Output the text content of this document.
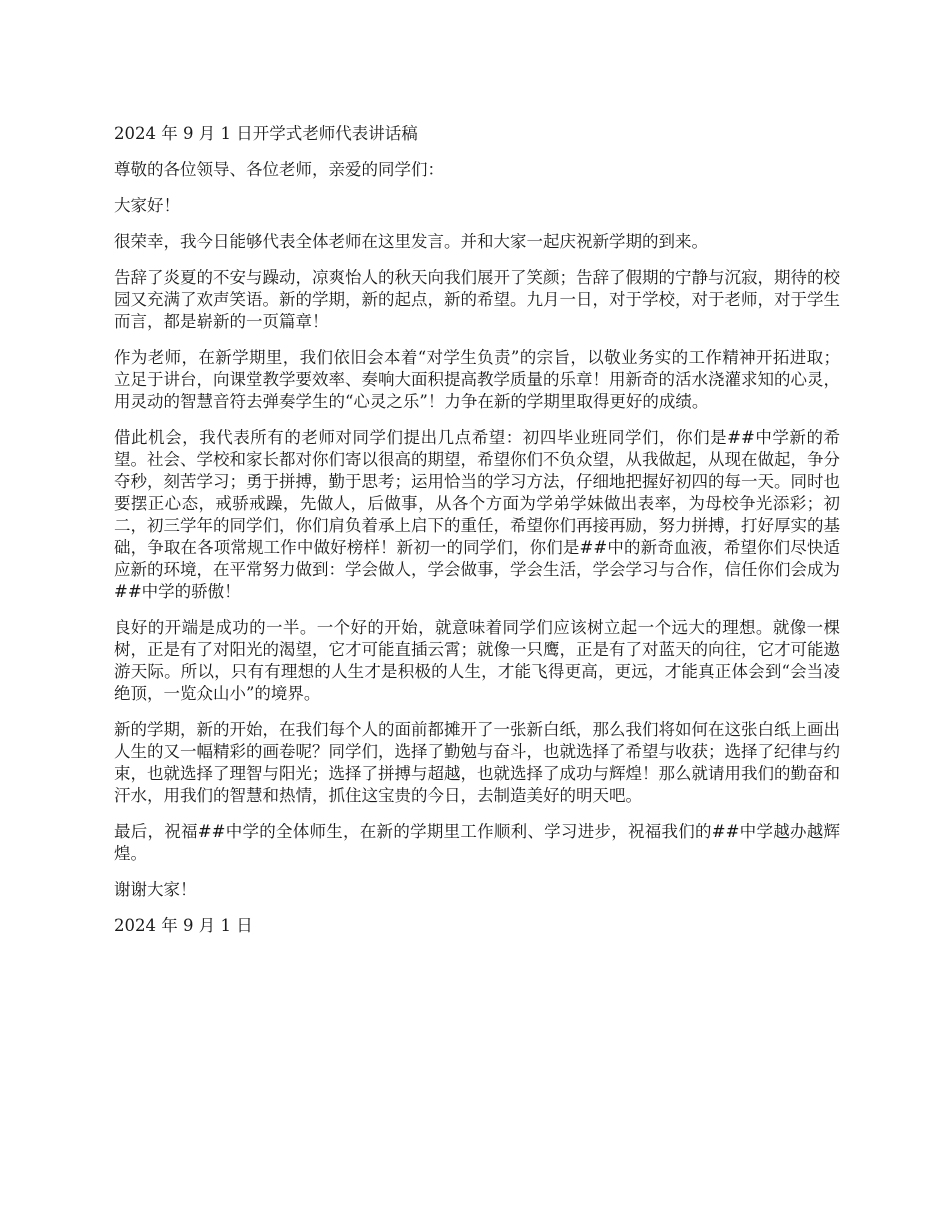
2024 年 9 月 1 日开学式老师代表讲话稿

尊敬的各位领导、各位老师，亲爱的同学们：

大家好！

很荣幸，我今日能够代表全体老师在这里发言。并和大家一起庆祝新学期的到来。

告辞了炎夏的不安与躁动，凉爽怡人的秋天向我们展开了笑颜；告辞了假期的宁静与沉寂，期待的校园又充满了欢声笑语。新的学期，新的起点，新的希望。九月一日，对于学校，对于老师，对于学生而言，都是崭新的一页篇章！

作为老师，在新学期里，我们依旧会本着“对学生负责”的宗旨，以敬业务实的工作精神开拓进取；立足于讲台，向课堂教学要效率、奏响大面积提高教学质量的乐章！用新奇的活水浇灌求知的心灵，用灵动的智慧音符去弹奏学生的“心灵之乐”！力争在新的学期里取得更好的成绩。

借此机会，我代表所有的老师对同学们提出几点希望：初四毕业班同学们，你们是##中学新的希望。社会、学校和家长都对你们寄以很高的期望，希望你们不负众望，从我做起，从现在做起，争分夺秒，刻苦学习；勇于拼搏，勤于思考；运用恰当的学习方法，仔细地把握好初四的每一天。同时也要摆正心态，戒骄戒躁，先做人，后做事，从各个方面为学弟学妹做出表率，为母校争光添彩；初二，初三学年的同学们，你们肩负着承上启下的重任，希望你们再接再励，努力拼搏，打好厚实的基础，争取在各项常规工作中做好榜样！新初一的同学们，你们是##中的新奇血液，希望你们尽快适应新的环境，在平常努力做到：学会做人，学会做事，学会生活，学会学习与合作，信任你们会成为##中学的骄傲！

良好的开端是成功的一半。一个好的开始，就意味着同学们应该树立起一个远大的理想。就像一棵树，正是有了对阳光的渴望，它才可能直插云霄；就像一只鹰，正是有了对蓝天的向往，它才可能遨游天际。所以，只有有理想的人生才是积极的人生，才能飞得更高，更远，才能真正体会到“会当凌绝顶，一览众山小”的境界。

新的学期，新的开始，在我们每个人的面前都摊开了一张新白纸，那么我们将如何在这张白纸上画出人生的又一幅精彩的画卷呢？同学们，选择了勤勉与奋斗，也就选择了希望与收获；选择了纪律与约束，也就选择了理智与阳光；选择了拼搏与超越，也就选择了成功与辉煌！那么就请用我们的勤奋和汗水，用我们的智慧和热情，抓住这宝贵的今日，去制造美好的明天吧。

最后，祝福##中学的全体师生，在新的学期里工作顺利、学习进步，祝福我们的##中学越办越辉煌。

谢谢大家！

2024 年 9 月 1 日
